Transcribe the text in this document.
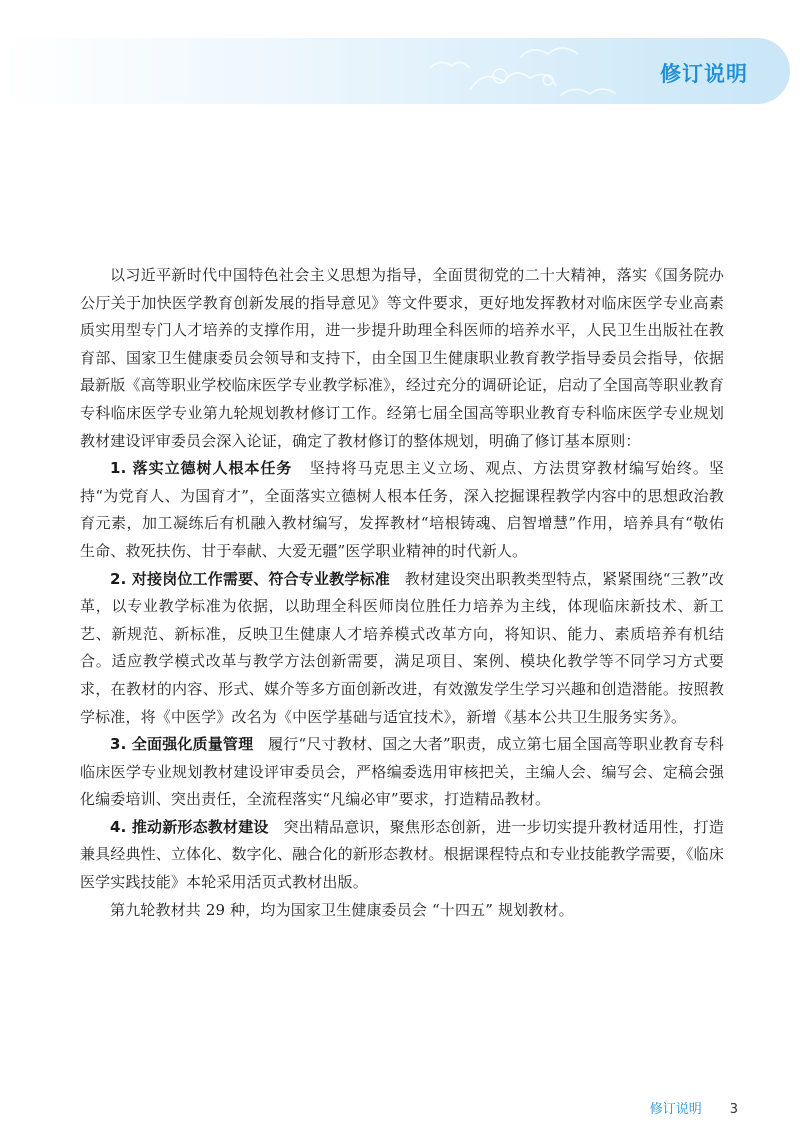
修订说明

以习近平新时代中国特色社会主义思想为指导，全面贯彻党的二十大精神，落实《国务院办公厅关于加快医学教育创新发展的指导意见》等文件要求，更好地发挥教材对临床医学专业高素质实用型专门人才培养的支撑作用，进一步提升助理全科医师的培养水平，人民卫生出版社在教育部、国家卫生健康委员会领导和支持下，由全国卫生健康职业教育教学指导委员会指导，依据最新版《高等职业学校临床医学专业教学标准》，经过充分的调研论证，启动了全国高等职业教育专科临床医学专业第九轮规划教材修订工作。经第七届全国高等职业教育专科临床医学专业规划教材建设评审委员会深入论证，确定了教材修订的整体规划，明确了修订基本原则：

1. 落实立德树人根本任务 坚持将马克思主义立场、观点、方法贯穿教材编写始终。坚持“为党育人、为国育才”，全面落实立德树人根本任务，深入挖掘课程教学内容中的思想政治教育元素，加工凝练后有机融入教材编写，发挥教材“培根铸魂、启智增慧”作用，培养具有“敬佑生命、救死扶伤、甘于奉献、大爱无疆”医学职业精神的时代新人。

2. 对接岗位工作需要、符合专业教学标准 教材建设突出职教类型特点，紧紧围绕“三教”改革，以专业教学标准为依据，以助理全科医师岗位胜任力培养为主线，体现临床新技术、新工艺、新规范、新标准，反映卫生健康人才培养模式改革方向，将知识、能力、素质培养有机结合。适应教学模式改革与教学方法创新需要，满足项目、案例、模块化教学等不同学习方式要求，在教材的内容、形式、媒介等多方面创新改进，有效激发学生学习兴趣和创造潜能。按照教学标准，将《中医学》改名为《中医学基础与适宜技术》，新增《基本公共卫生服务实务》。

3. 全面强化质量管理 履行“尺寸教材、国之大者”职责，成立第七届全国高等职业教育专科临床医学专业规划教材建设评审委员会，严格编委选用审核把关，主编人会、编写会、定稿会强化编委培训、突出责任，全流程落实“凡编必审”要求，打造精品教材。

4. 推动新形态教材建设 突出精品意识，聚焦形态创新，进一步切实提升教材适用性，打造兼具经典性、立体化、数字化、融合化的新形态教材。根据课程特点和专业技能教学需要，《临床医学实践技能》本轮采用活页式教材出版。

第九轮教材共 29 种，均为国家卫生健康委员会 “十四五” 规划教材。

修订说明 3
